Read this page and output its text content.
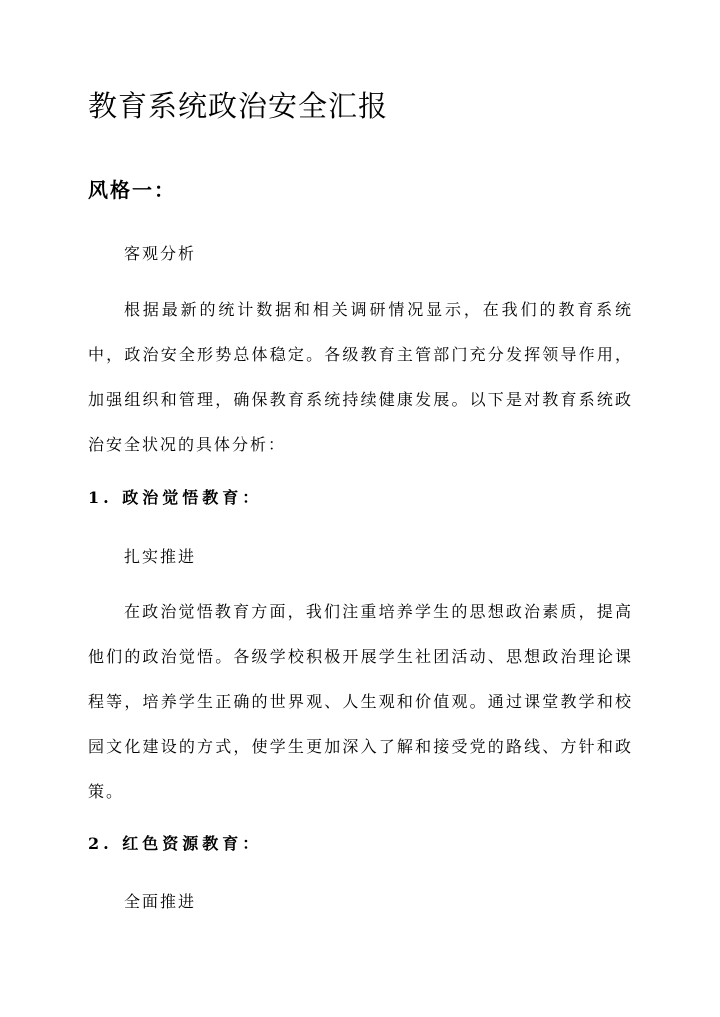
教育系统政治安全汇报
风格一：

客观分析

根据最新的统计数据和相关调研情况显示，在我们的教育系统中，政治安全形势总体稳定。各级教育主管部门充分发挥领导作用，加强组织和管理，确保教育系统持续健康发展。以下是对教育系统政治安全状况的具体分析：

1. 政治觉悟教育：

扎实推进

在政治觉悟教育方面，我们注重培养学生的思想政治素质，提高他们的政治觉悟。各级学校积极开展学生社团活动、思想政治理论课程等，培养学生正确的世界观、人生观和价值观。通过课堂教学和校园文化建设的方式，使学生更加深入了解和接受党的路线、方针和政策。

2. 红色资源教育：

全面推进
